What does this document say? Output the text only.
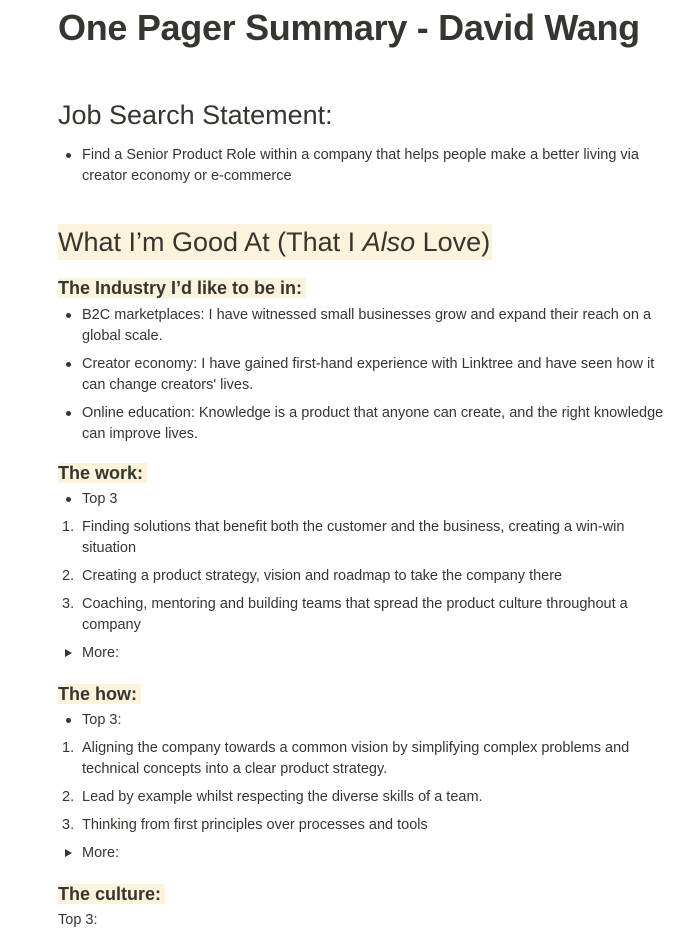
One Pager Summary - David Wang
Job Search Statement:
Find a Senior Product Role within a company that helps people make a better living via creator economy or e-commerce
What I’m Good At (That I Also Love)
The Industry I’d like to be in:
B2C marketplaces: I have witnessed small businesses grow and expand their reach on a global scale.
Creator economy: I have gained first-hand experience with Linktree and have seen how it can change creators' lives.
Online education: Knowledge is a product that anyone can create, and the right knowledge can improve lives.
The work:
Top 3
1. Finding solutions that benefit both the customer and the business, creating a win-win situation
2. Creating a product strategy, vision and roadmap to take the company there
3. Coaching, mentoring and building teams that spread the product culture throughout a company
More:
The how:
Top 3:
1. Aligning the company towards a common vision by simplifying complex problems and technical concepts into a clear product strategy.
2. Lead by example whilst respecting the diverse skills of a team.
3. Thinking from first principles over processes and tools
More:
The culture:
Top 3:
